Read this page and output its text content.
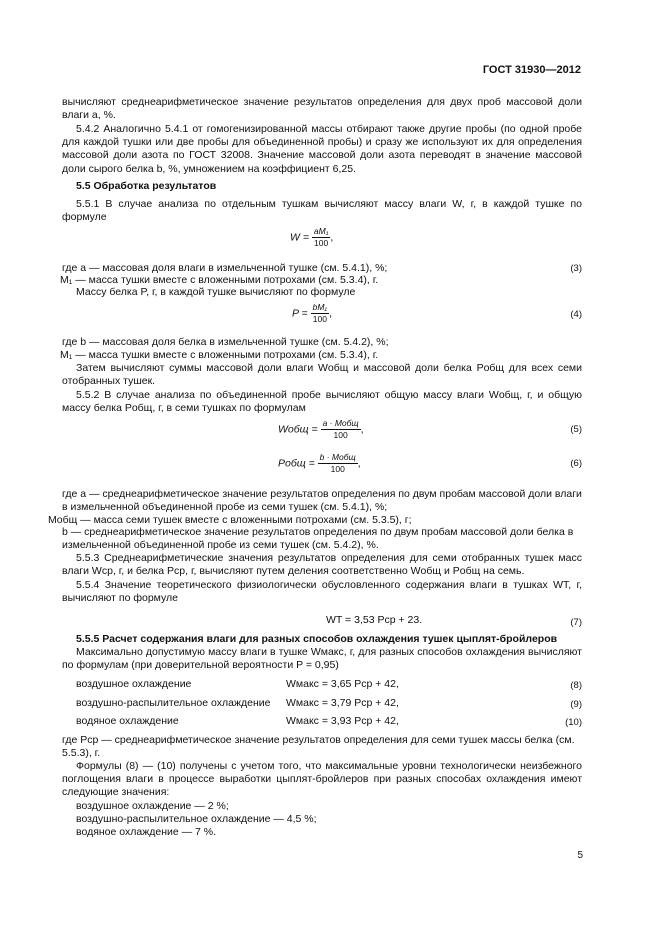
ГОСТ 31930—2012
вычисляют среднеарифметическое значение результатов определения для двух проб массовой доли влаги a, %.
5.4.2 Аналогично 5.4.1 от гомогенизированной массы отбирают также другие пробы (по одной пробе для каждой тушки или две пробы для объединенной пробы) и сразу же используют их для определения массовой доли азота по ГОСТ 32008. Значение массовой доли азота переводят в значение массовой доли сырого белка b, %, умножением на коэффициент 6,25.
5.5 Обработка результатов
5.5.1 В случае анализа по отдельным тушкам вычисляют массу влаги W, г, в каждой тушке по формуле
$W = \frac{\text{aM₁}}{100}$ ,
(3)
где a — массовая доля влаги в измельченной тушке (см. 5.4.1), %;
M₁ — масса тушки вместе с вложенными потрохами (см. 5.3.4), г.
Массу белка P, г, в каждой тушке вычисляют по формуле
$P = \frac{\text{bM₁}}{100}$ ,	(4)
где b — массовая доля белка в измельченной тушке (см. 5.4.2), %;
M₁ — масса тушки вместе с вложенными потрохами (см. 5.3.4), г.
Затем вычисляют суммы массовой доли влаги Wобщ и массовой доли белка Pобщ для всех семи отобранных тушек.
5.5.2 В случае анализа по объединенной пробе вычисляют общую массу влаги Wобщ, г, и общую массу белка Pобщ, г, в семи тушках по формулам
Wобщ = $\frac{\text{a · Mобщ}}{100}$ ,	(5)
Pобщ = $\frac{\text{b · Mобщ}}{100}$ ,	(6)
где a — среднеарифметическое значение результатов определения по двум пробам массовой доли влаги в измельченной объединенной пробе из семи тушек (см. 5.4.1), %;
Mобщ — масса семи тушек вместе с вложенными потрохами (см. 5.3.5), г;
b — среднеарифметическое значение результатов определения по двум пробам массовой доли белка в измельченной объединенной пробе из семи тушек (см. 5.4.2), %.
5.5.3 Среднеарифметические значения результатов определения для семи отобранных тушек масс влаги Wср, г, и белка Pср, г, вычисляют путем деления соответственно Wобщ и Pобщ на семь.
5.5.4 Значение теоретического физиологически обусловленного содержания влаги в тушках WT, г, вычисляют по формуле
WT = 3,53 Pср + 23.	(7)
5.5.5 Расчет содержания влаги для разных способов охлаждения тушек цыплят-бройлеров
Максимально допустимую массу влаги в тушке Wмакс, г, для разных способов охлаждения вычисляют по формулам (при доверительной вероятности P = 0,95)
воздушное охлаждение	Wмакс = 3,65 Pср + 42,	(8)
воздушно-распылительное охлаждение Wмакс = 3,79 Pср + 42,	(9)
водяное охлаждение	Wмакс = 3,93 Pср + 42,	(10)
где Pср — среднеарифметическое значение результатов определения для семи тушек массы белка (см. 5.5.3), г.
Формулы (8) — (10) получены с учетом того, что максимальные уровни технологически неизбежного поглощения влаги в процессе выработки цыплят-бройлеров при разных способах охлаждения имеют следующие значения:
воздушное охлаждение — 2 %;
воздушно-распылительное охлаждение — 4,5 %;
водяное охлаждение — 7 %.
5
